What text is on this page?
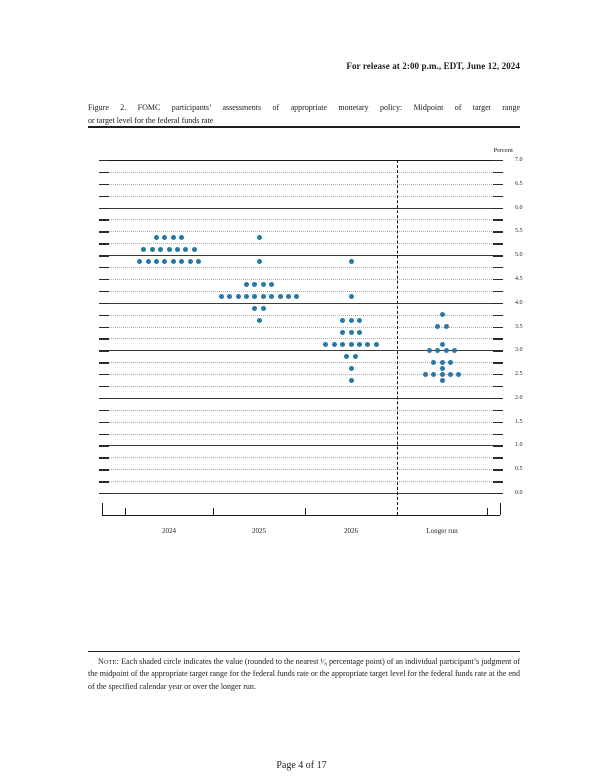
For release at 2:00 p.m., EDT, June 12, 2024
Figure 2. FOMC participants’ assessments of appropriate monetary policy: Midpoint of target range
or target level for the federal funds rate
Percent
7.0
6.5
6.0
5.5
5.0
4.5
4.0
3.5
3.0
2.5
2.0
1.5
1.0
0.5
0.0
2024	2025	2026	Longer run

Note: Each shaded circle indicates the value (rounded to the nearest ¹⁄₈ percentage point) of an individual participant’s judgment of the midpoint of the appropriate target range for the federal funds rate or the appropriate target level for the federal funds rate at the end of the specified calendar year or over the longer run.

Page 4 of 17
